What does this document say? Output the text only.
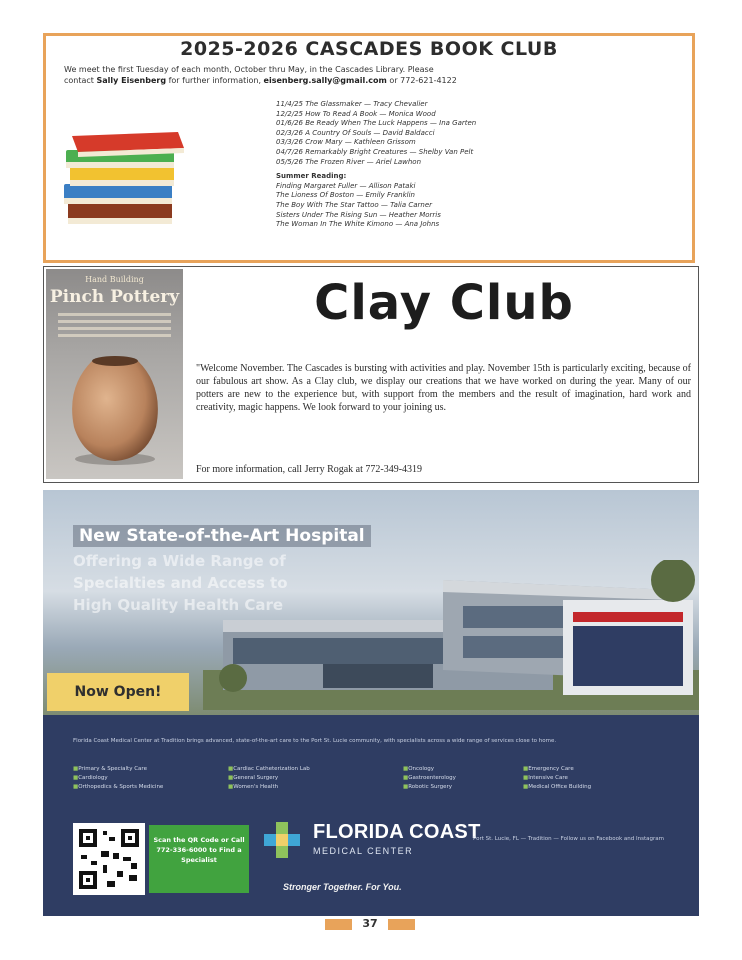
2025-2026 CASCADES BOOK CLUB
We meet the first Tuesday of each month, October thru May, in the Cascades Library. Please
contact Sally Eisenberg for further information, eisenberg.sally@gmail.com or 772-621-4122
11/4/25 The Glassmaker — Tracy Chevalier
12/2/25 How To Read A Book — Monica Wood
01/6/26 Be Ready When The Luck Happens — Ina Garten
02/3/26 A Country Of Souls — David Baldacci
03/3/26 Crow Mary — Kathleen Grissom
04/7/26 Remarkably Bright Creatures — Shelby Van Pelt
05/5/26 The Frozen River — Ariel Lawhon
Summer Reading:
Finding Margaret Fuller — Allison Pataki
The Lioness Of Boston — Emily Franklin
The Boy With The Star Tattoo — Talia Carner
Sisters Under The Rising Sun — Heather Morris
The Woman In The White Kimono — Ana Johns
Hand Building
Pinch Pottery	Clay Club
"Welcome November. The Cascades is bursting with activities and play. November 15th is particularly exciting, because of our fabulous art show. As a Clay club, we display our creations that we have worked on during the year. Many of our potters are new to the experience but, with support from the members and the result of imagination, hard work and creativity, magic happens. We look forward to your joining us.
For more information, call Jerry Rogak at 772-349-4319
New State-of-the-Art Hospital
Offering a Wide Range of
Specialties and Access to
High Quality Health Care
Now Open!
Florida Coast Medical Center at Tradition brings advanced, state-of-the-art care to the Port St. Lucie community, with specialists across a wide range of services close to home.
■ Primary & Specialty Care
■ Cardiology
■ Orthopedics & Sports Medicine
■ Cardiac Catheterization Lab
■ General Surgery
■ Women's Health
■ Oncology
■ Gastroenterology
■ Robotic Surgery
■ Emergency Care
■ Intensive Care
■ Medical Office Building
Scan the QR Code or Call 772-336-6000 to Find a Specialist
FLORIDA COAST
MEDICAL CENTER
Stronger Together. For You.
Port St. Lucie, FL — Tradition — Follow us on Facebook and Instagram
37
